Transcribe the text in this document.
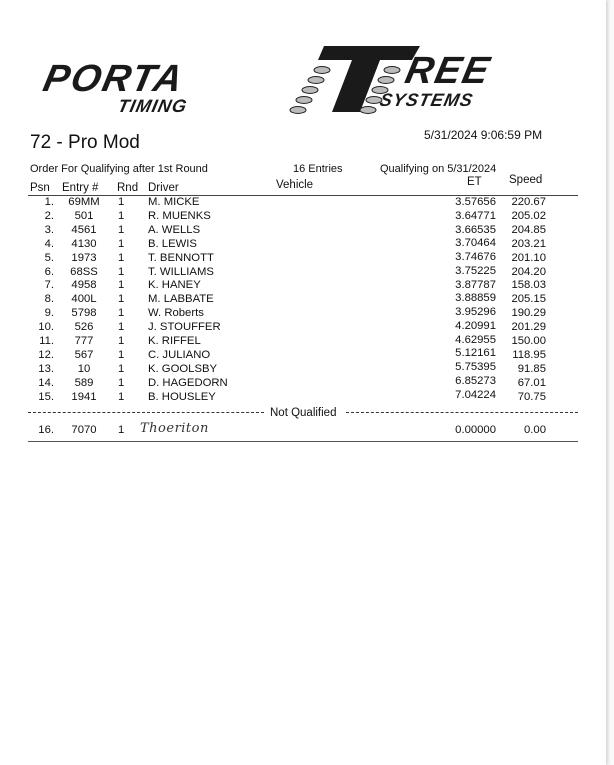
PORTA	REE
TIMING	SYSTEMS
72 - Pro Mod	5/31/2024 9:06:59 PM
Order For Qualifying after 1st Round	16 Entries	Qualifying on 5/31/2024
Psn Entry # Rnd Driver	Vehicle	ET Speed
1.	69MM	1 M. MICKE	3.57656	220.67
2.	501	1 R. MUENKS	3.64771	205.02
3.	4561	1 A. WELLS	3.66535	204.85
4.	4130	1 B. LEWIS	3.70464	203.21
5.	1973	1 T. BENNOTT	3.74676	201.10
6.	68SS	1 T. WILLIAMS	3.75225	204.20
7.	4958	1 K. HANEY	3.87787	158.03
8.	400L	1 M. LABBATE	3.88859	205.15
9.	5798	1 W. Roberts	3.95296	190.29
10.	526	1 J. STOUFFER	4.20991	201.29
11.	777	1 K. RIFFEL	4.62955	150.00
12.	567	1 C. JULIANO	5.12161	118.95
13.	10	1 K. GOOLSBY	5.75395	91.85
14.	589	1 D. HAGEDORN	6.85273	67.01
15.	1941	1 B. HOUSLEY	7.04224	70.75
Not Qualified
16.	7070	1 Thoeriton	0.00000	0.00
